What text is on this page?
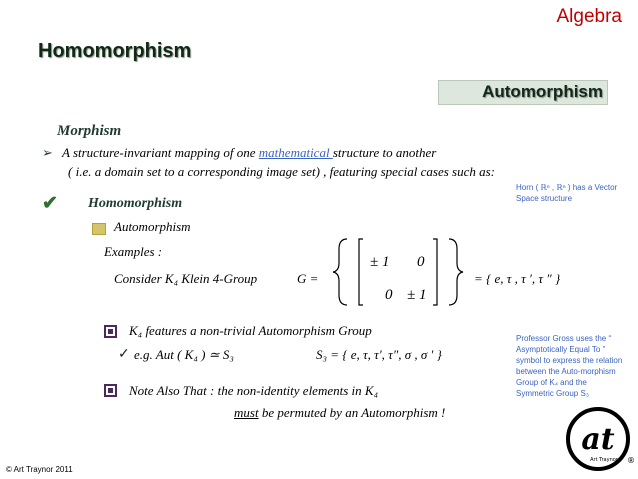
Algebra
Homomorphism
Automorphism
Morphism
➢ A structure-invariant mapping of one mathematical structure to another
( i.e. a domain set to a corresponding image set) , featuring special cases such as:
✔ Homomorphism
Automorphism
Examples :
Consider K₄ Klein 4-Group	G =
± 1 0
0 ± 1
= { e, τ , τ ′, τ ″ }
K₄ features a non-trivial Automorphism Group
✓ e.g. Aut ( K₄ ) ≃ S₃	S₃ = { e, τ, τ′, τ″, σ , σ ′ }
Note Also That : the non-identity elements in K₄
must be permuted by an Automorphism !
Horn ( ℝⁿ , ℝⁿ ) has a Vector Space structure
Professor Gross uses the “ Asymptotically Equal To ” symbol to express the relation between the Auto-morphism Group of K₄ and the Symmetric Group S₃
© Art Traynor 2011
at
Art Traynor ®
